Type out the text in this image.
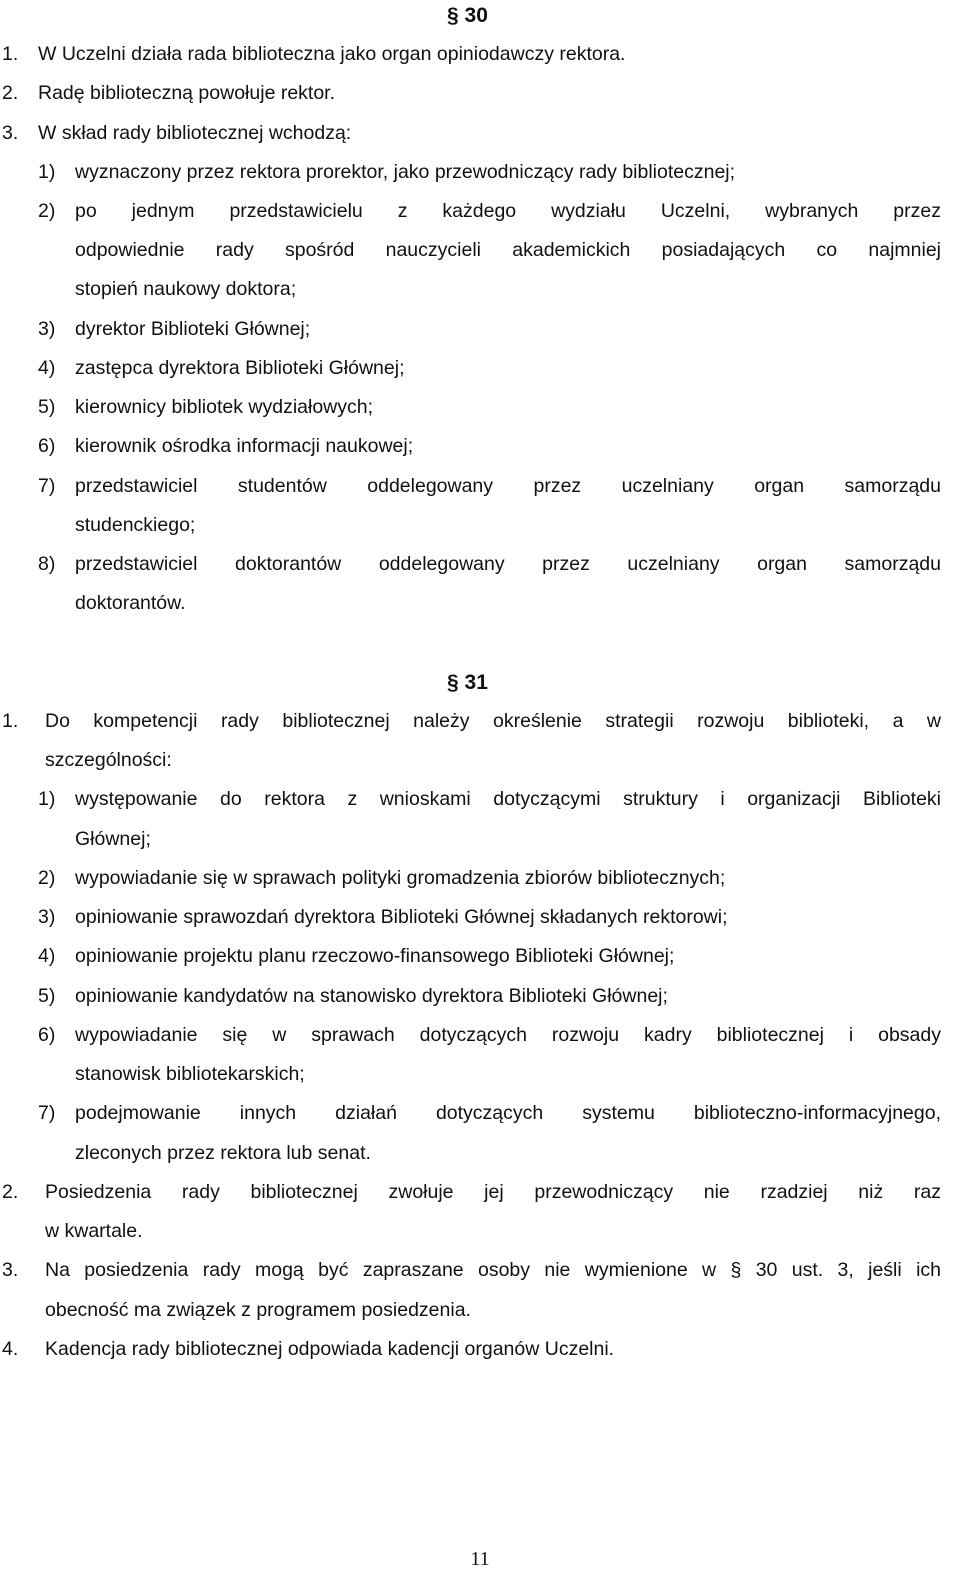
§ 30
1. W Uczelni działa rada biblioteczna jako organ opiniodawczy rektora.
2. Radę biblioteczną powołuje rektor.
3. W skład rady bibliotecznej wchodzą:
1) wyznaczony przez rektora prorektor, jako przewodniczący rady bibliotecznej;
2) po jednym przedstawicielu z każdego wydziału Uczelni, wybranych przez
odpowiednie rady spośród nauczycieli akademickich posiadających co najmniej
stopień naukowy doktora;
3) dyrektor Biblioteki Głównej;
4) zastępca dyrektora Biblioteki Głównej;
5) kierownicy bibliotek wydziałowych;
6) kierownik ośrodka informacji naukowej;
7) przedstawiciel studentów oddelegowany przez uczelniany organ samorządu
studenckiego;
8) przedstawiciel doktorantów oddelegowany przez uczelniany organ samorządu
doktorantów.
§ 31
1. Do kompetencji rady bibliotecznej należy określenie strategii rozwoju biblioteki, a w
szczególności:
1) występowanie do rektora z wnioskami dotyczącymi struktury i organizacji Biblioteki
Głównej;
2) wypowiadanie się w sprawach polityki gromadzenia zbiorów bibliotecznych;
3) opiniowanie sprawozdań dyrektora Biblioteki Głównej składanych rektorowi;
4) opiniowanie projektu planu rzeczowo-finansowego Biblioteki Głównej;
5) opiniowanie kandydatów na stanowisko dyrektora Biblioteki Głównej;
6) wypowiadanie się w sprawach dotyczących rozwoju kadry bibliotecznej i obsady
stanowisk bibliotekarskich;
7) podejmowanie innych działań dotyczących systemu biblioteczno-informacyjnego,
zleconych przez rektora lub senat.
2. Posiedzenia rady bibliotecznej zwołuje jej przewodniczący nie rzadziej niż raz
w kwartale.
3. Na posiedzenia rady mogą być zapraszane osoby nie wymienione w § 30 ust. 3, jeśli ich
obecność ma związek z programem posiedzenia.
4. Kadencja rady bibliotecznej odpowiada kadencji organów Uczelni.
11
